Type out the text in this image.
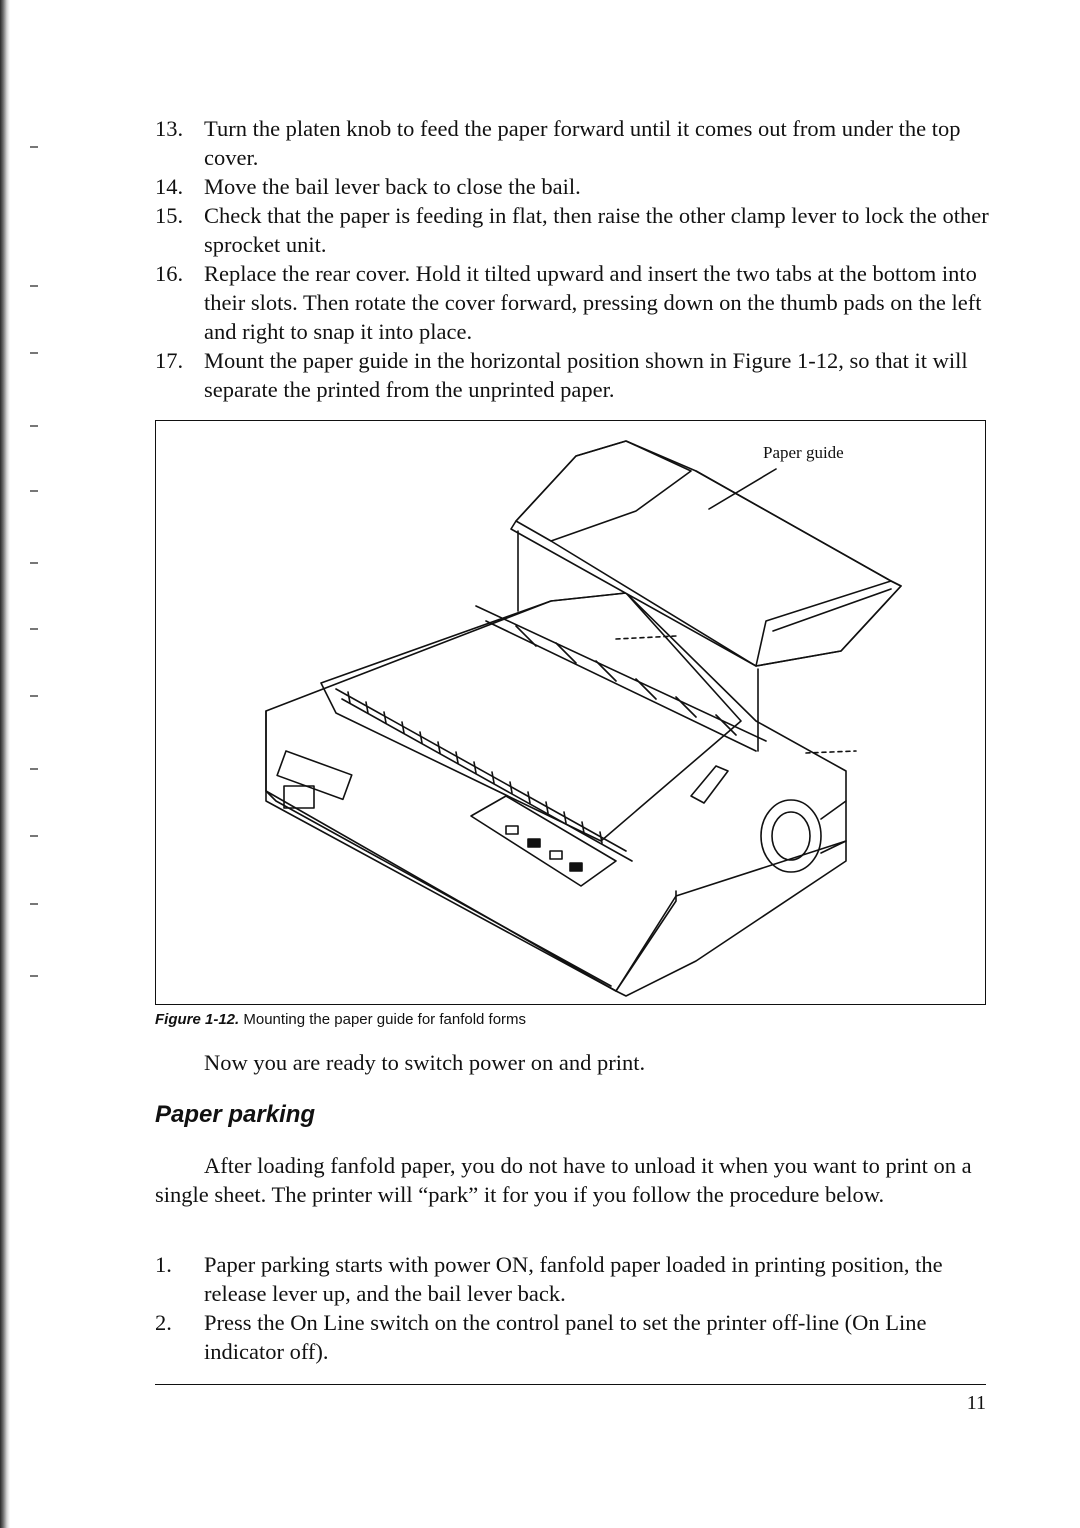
13. Turn the platen knob to feed the paper forward until it comes out from under the top cover.
14. Move the bail lever back to close the bail.
15. Check that the paper is feeding in flat, then raise the other clamp lever to lock the other sprocket unit.
16. Replace the rear cover. Hold it tilted upward and insert the two tabs at the bottom into their slots. Then rotate the cover forward, pressing down on the thumb pads on the left and right to snap it into place.
17. Mount the paper guide in the horizontal position shown in Figure 1-12, so that it will separate the printed from the unprinted paper.
Paper guide
Figure 1-12. Mounting the paper guide for fanfold forms

Now you are ready to switch power on and print.

Paper parking

After loading fanfold paper, you do not have to unload it when you want to print on a single sheet. The printer will “park” it for you if you follow the procedure below.

1. Paper parking starts with power ON, fanfold paper loaded in printing position, the release lever up, and the bail lever back.
2. Press the On Line switch on the control panel to set the printer off-line (On Line indicator off).
11
